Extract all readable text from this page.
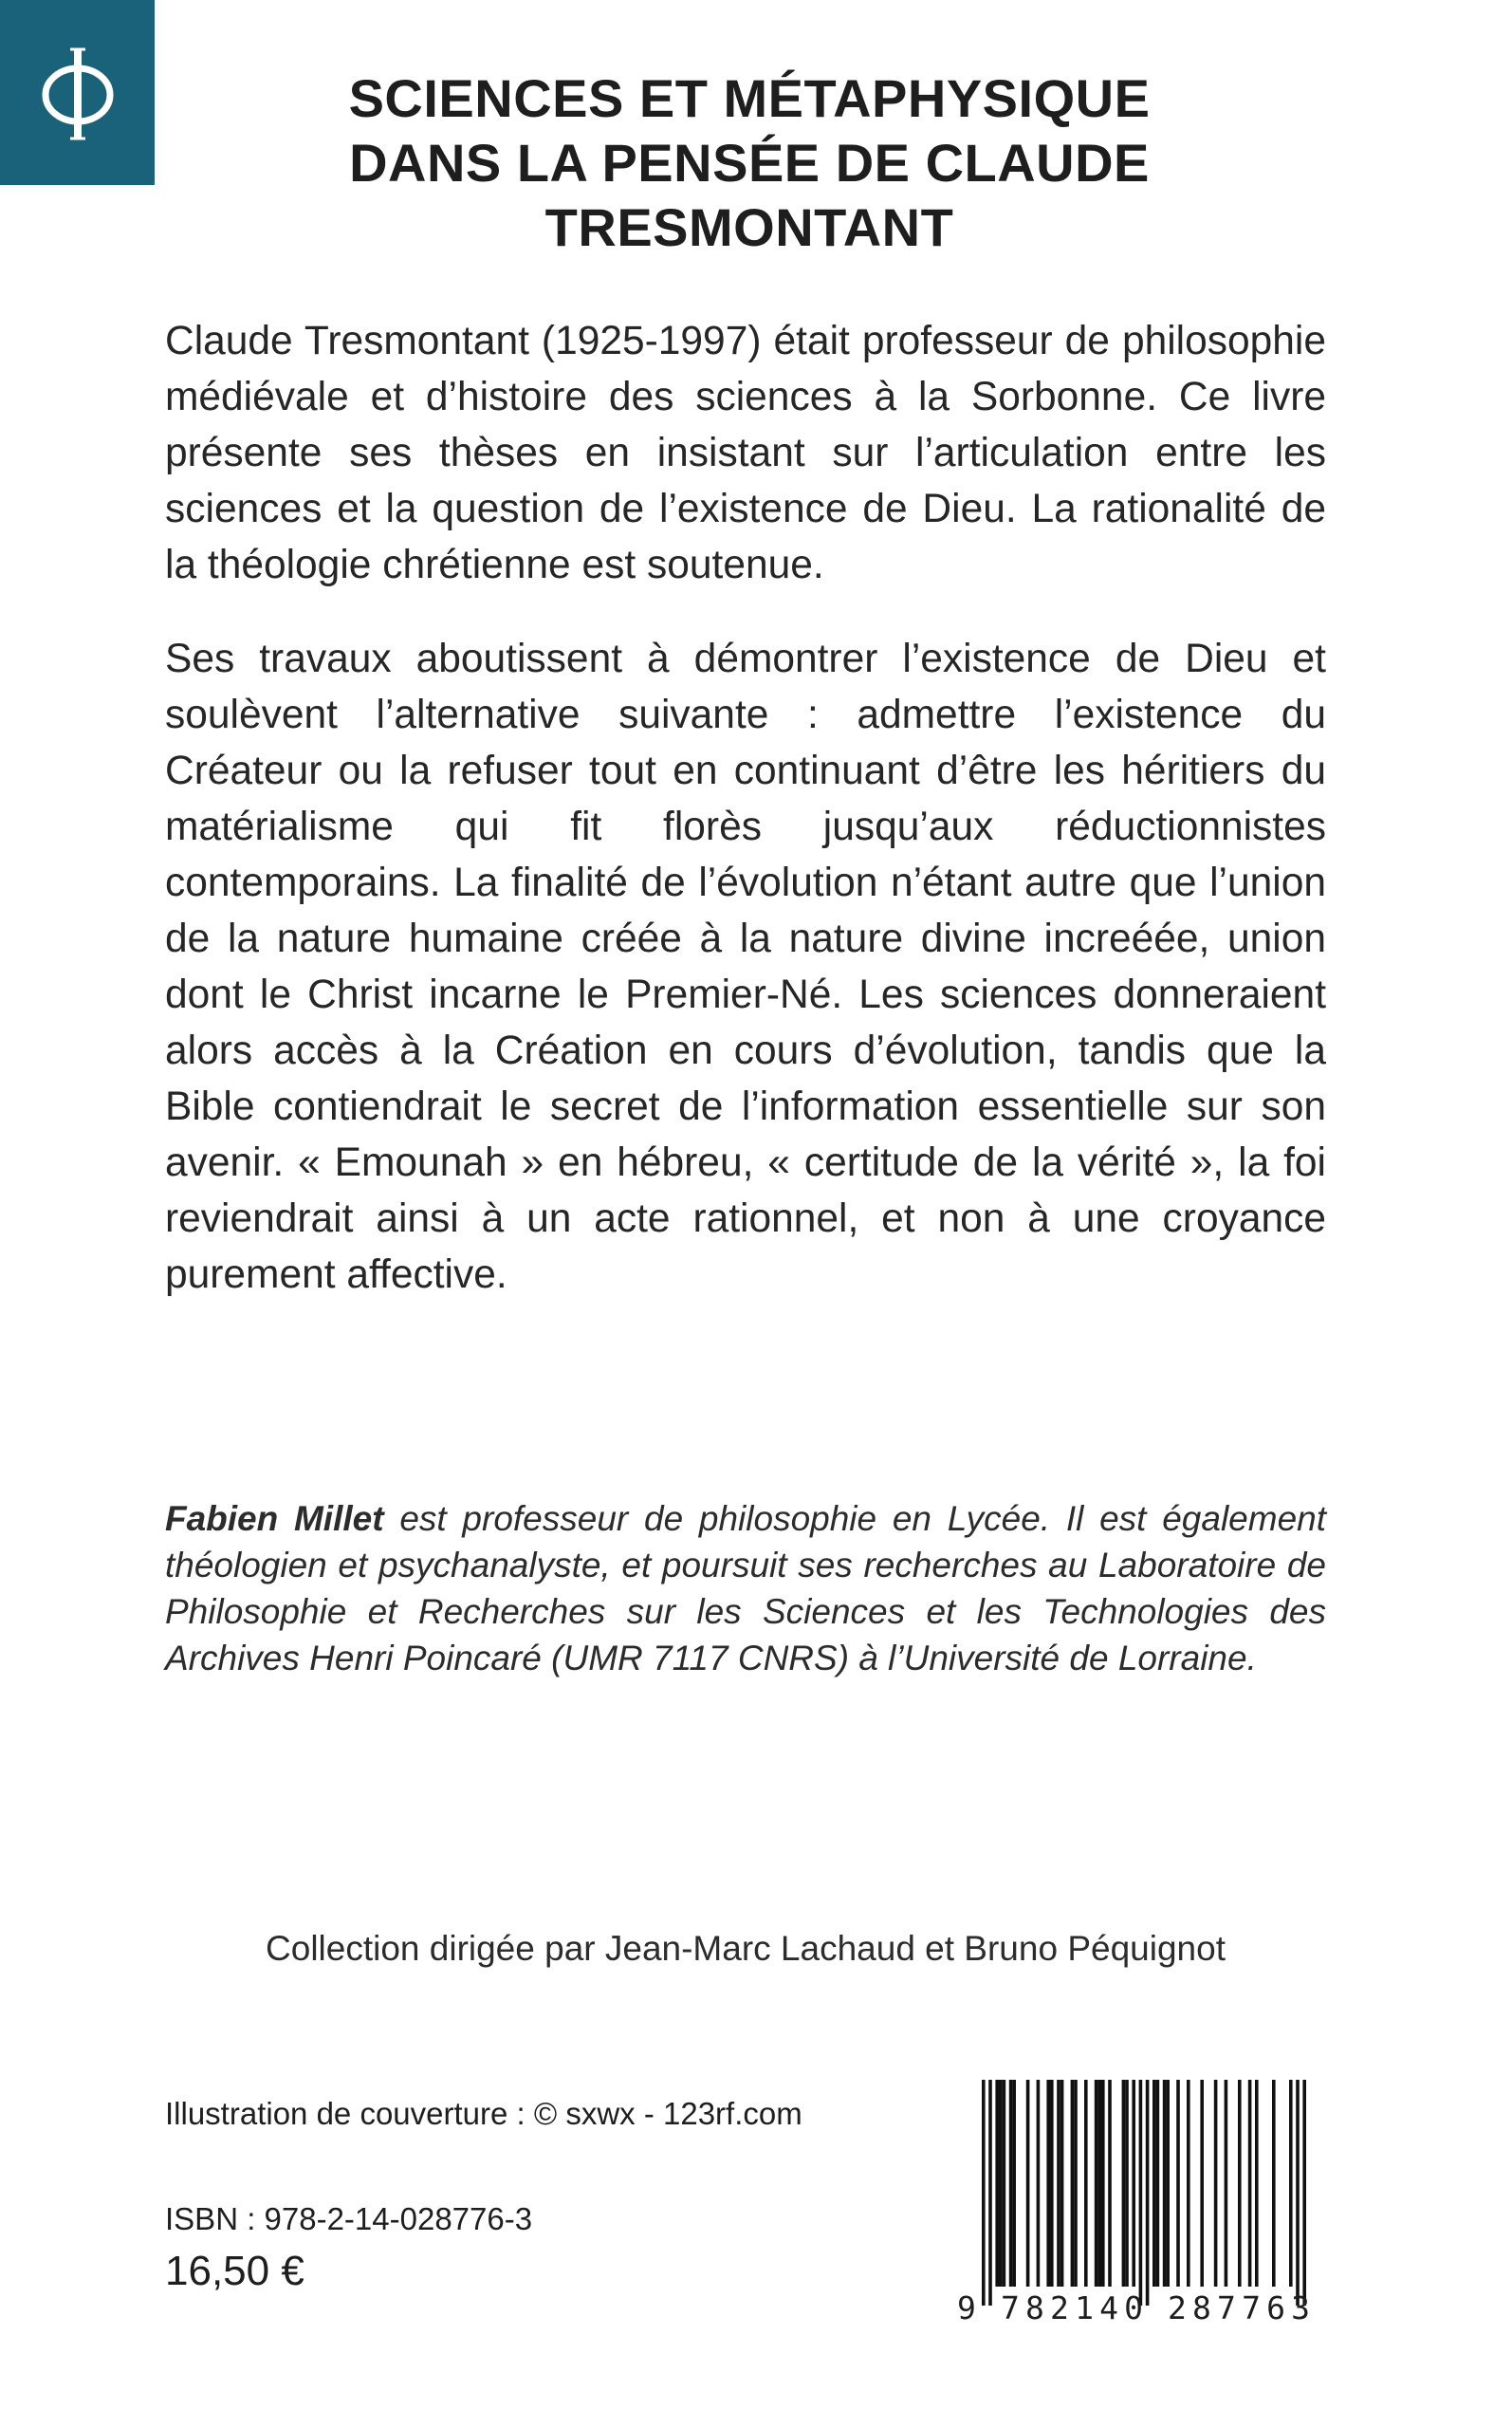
SCIENCES ET MÉTAPHYSIQUE
DANS LA PENSÉE DE CLAUDE TRESMONTANT

Claude Tresmontant (1925-1997) était professeur de philosophie médiévale et d’histoire des sciences à la Sorbonne. Ce livre présente ses thèses en insistant sur l’articulation entre les sciences et la question de l’existence de Dieu. La rationalité de la théologie chrétienne est soutenue.

Ses travaux aboutissent à démontrer l’existence de Dieu et soulèvent l’alternative suivante : admettre l’existence du Créateur ou la refuser tout en continuant d’être les héritiers du matérialisme qui fit florès jusqu’aux réductionnistes contemporains. La finalité de l’évolution n’étant autre que l’union de la nature humaine créée à la nature divine increéée, union dont le Christ incarne le Premier-Né. Les sciences donneraient alors accès à la Création en cours d’évolution, tandis que la Bible contiendrait le secret de l’information essentielle sur son avenir. « Emounah » en hébreu, « certitude de la vérité », la foi reviendrait ainsi à un acte rationnel, et non à une croyance purement affective.

Fabien Millet est professeur de philosophie en Lycée. Il est également théologien et psychanalyste, et poursuit ses recherches au Laboratoire de Philosophie et Recherches sur les Sciences et les Technologies des Archives Henri Poincaré (UMR 7117 CNRS) à l’Université de Lorraine.

Collection dirigée par Jean-Marc Lachaud et Bruno Péquignot
Illustration de couverture : © sxwx - 123rf.com
ISBN : 978-2-14-028776-3
16,50 €
9 782140 287763
